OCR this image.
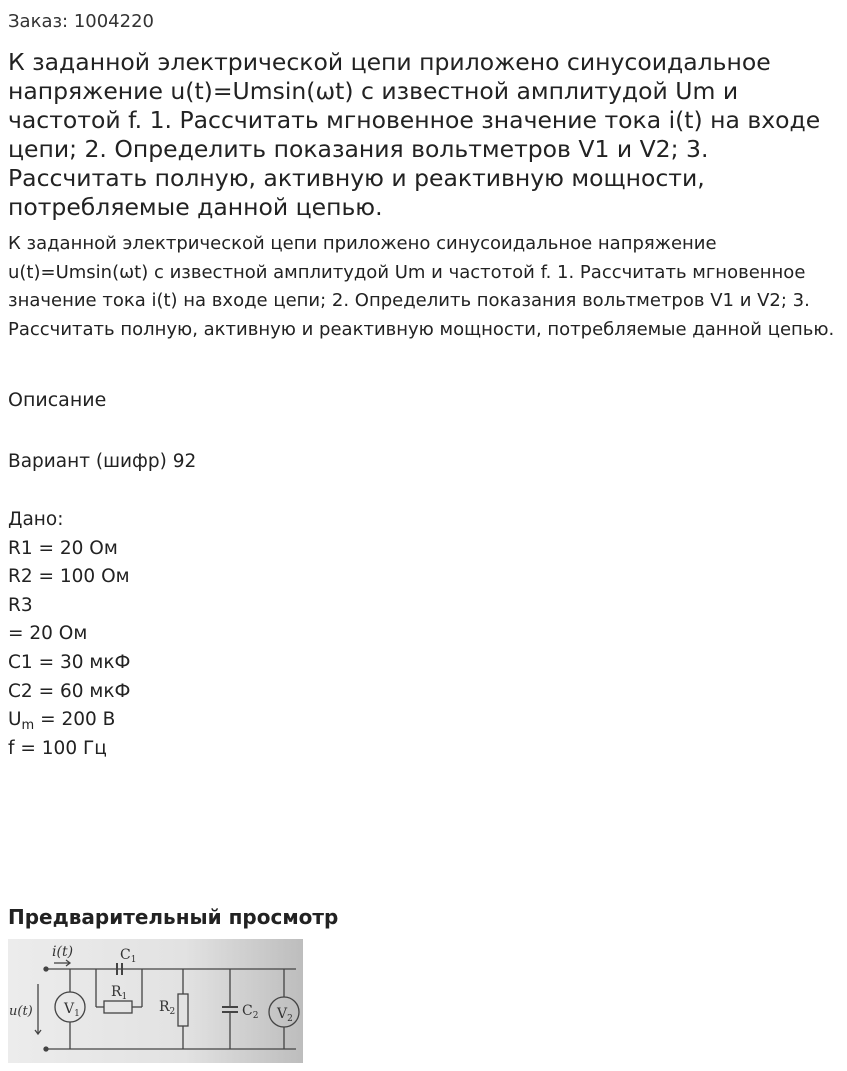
Заказ: 1004220
К заданной электрической цепи приложено синусоидальное напряжение u(t)=Umsin(ωt) с известной амплитудой Um и частотой f. 1. Рассчитать мгновенное значение тока i(t) на входе цепи; 2. Определить показания вольтметров V1 и V2; 3. Рассчитать полную, активную и реактивную мощности, потребляемые данной цепью.

К заданной электрической цепи приложено синусоидальное напряжение u(t)=Umsin(ωt) с известной амплитудой Um и частотой f. 1. Рассчитать мгновенное значение тока i(t) на входе цепи; 2. Определить показания вольтметров V1 и V2; 3. Рассчитать полную, активную и реактивную мощности, потребляемые данной цепью.

Описание
Вариант (шифр) 92
Дано:
R1 = 20 Ом
R2 = 100 Ом
R3
= 20 Ом
C1 = 30 мкФ
C2 = 60 мкФ
$U_m = 200$ В
f = 100 Гц
Предварительный просмотр
i(t)
u(t) $V_1$
$C_1$
$R_1$
$R_2$	$C_2$ $V_2$
